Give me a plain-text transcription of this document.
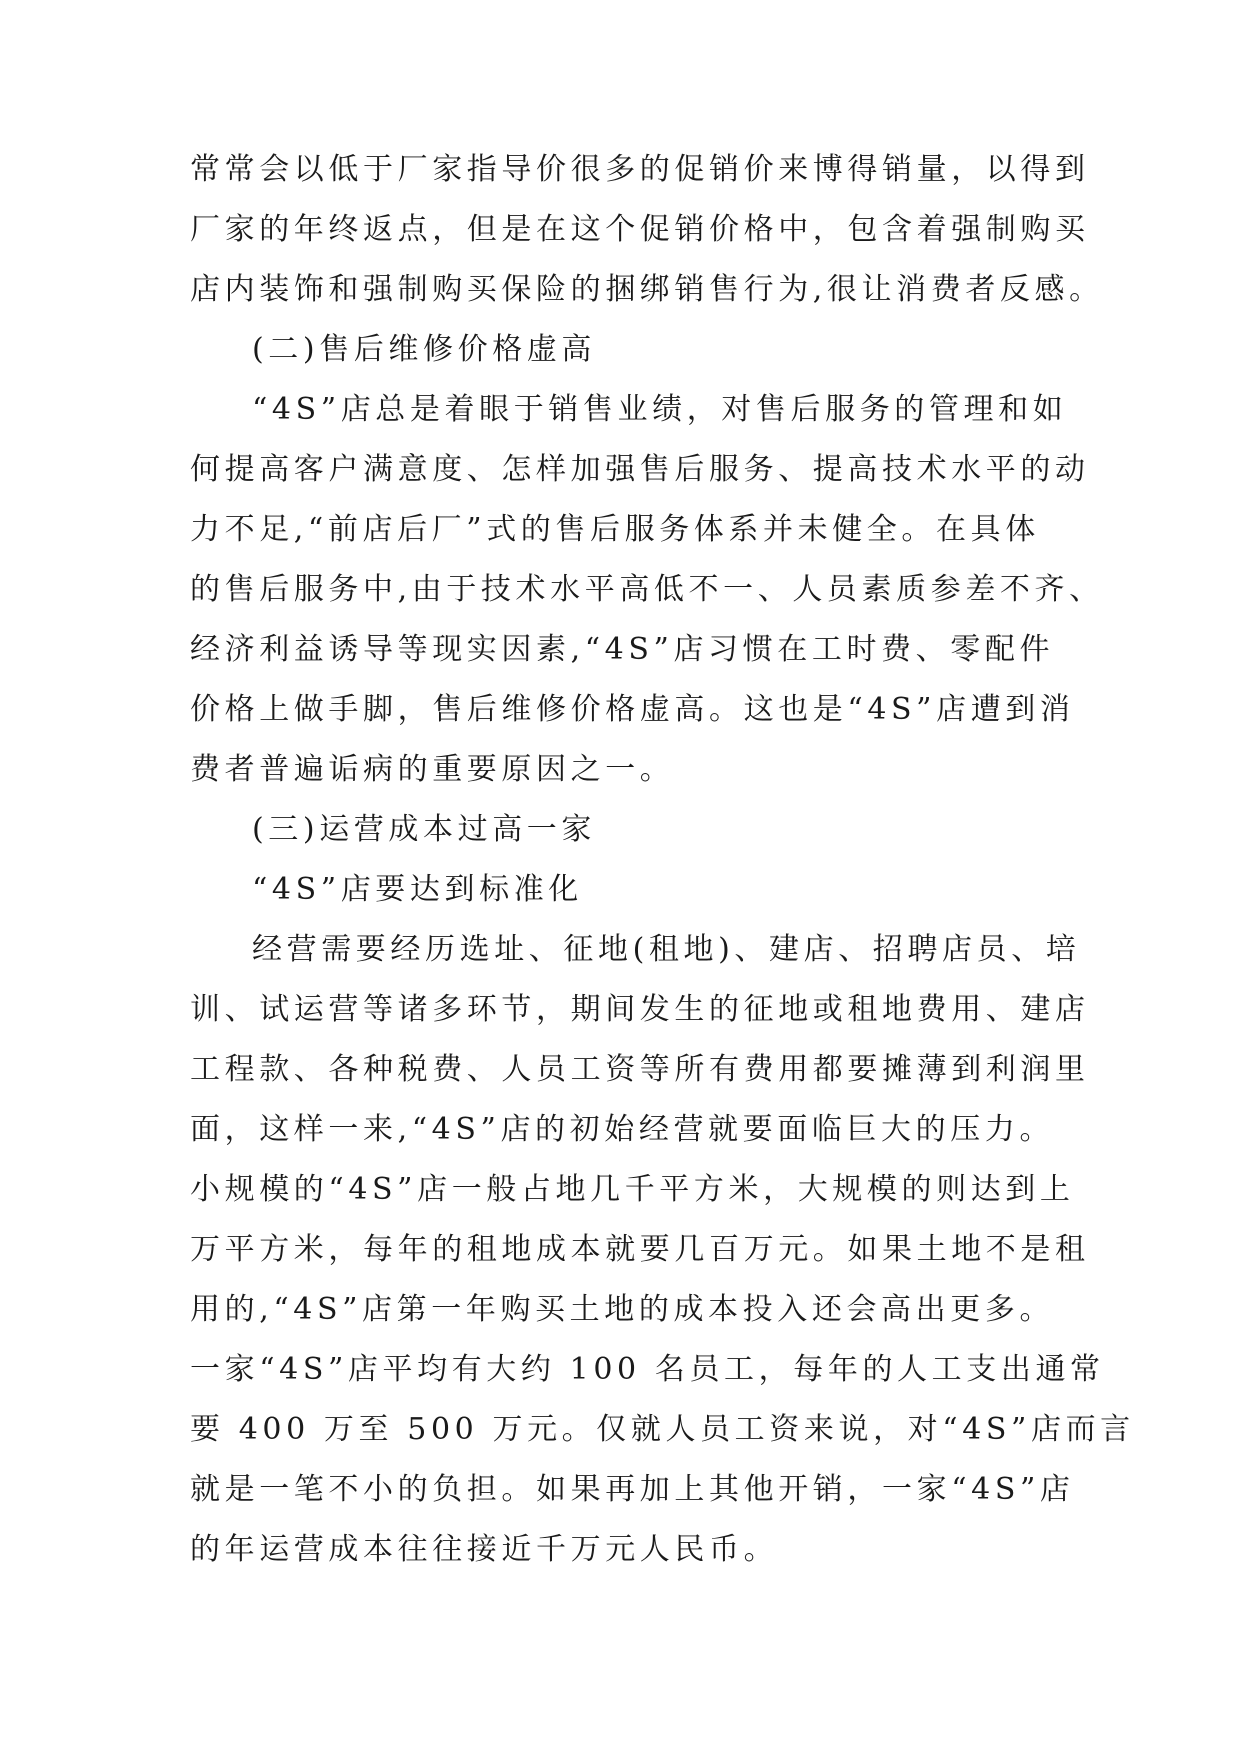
常常会以低于厂家指导价很多的促销价来博得销量，以得到
厂家的年终返点，但是在这个促销价格中，包含着强制购买
店内装饰和强制购买保险的捆绑销售行为,很让消费者反感。
(二)售后维修价格虚高
“4S”店总是着眼于销售业绩，对售后服务的管理和如
何提高客户满意度、怎样加强售后服务、提高技术水平的动
力不足,“前店后厂”式的售后服务体系并未健全。在具体
的售后服务中,由于技术水平高低不一、人员素质参差不齐、
经济利益诱导等现实因素,“4S”店习惯在工时费、零配件
价格上做手脚，售后维修价格虚高。这也是“4S”店遭到消
费者普遍诟病的重要原因之一。
(三)运营成本过高一家
“4S”店要达到标准化
经营需要经历选址、征地(租地)、建店、招聘店员、培
训、试运营等诸多环节，期间发生的征地或租地费用、建店
工程款、各种税费、人员工资等所有费用都要摊薄到利润里
面，这样一来,“4S”店的初始经营就要面临巨大的压力。
小规模的“4S”店一般占地几千平方米，大规模的则达到上
万平方米，每年的租地成本就要几百万元。如果土地不是租
用的,“4S”店第一年购买土地的成本投入还会高出更多。
一家“4S”店平均有大约 100 名员工，每年的人工支出通常
要 400 万至 500 万元。仅就人员工资来说，对“4S”店而言
就是一笔不小的负担。如果再加上其他开销，一家“4S”店
的年运营成本往往接近千万元人民币。
